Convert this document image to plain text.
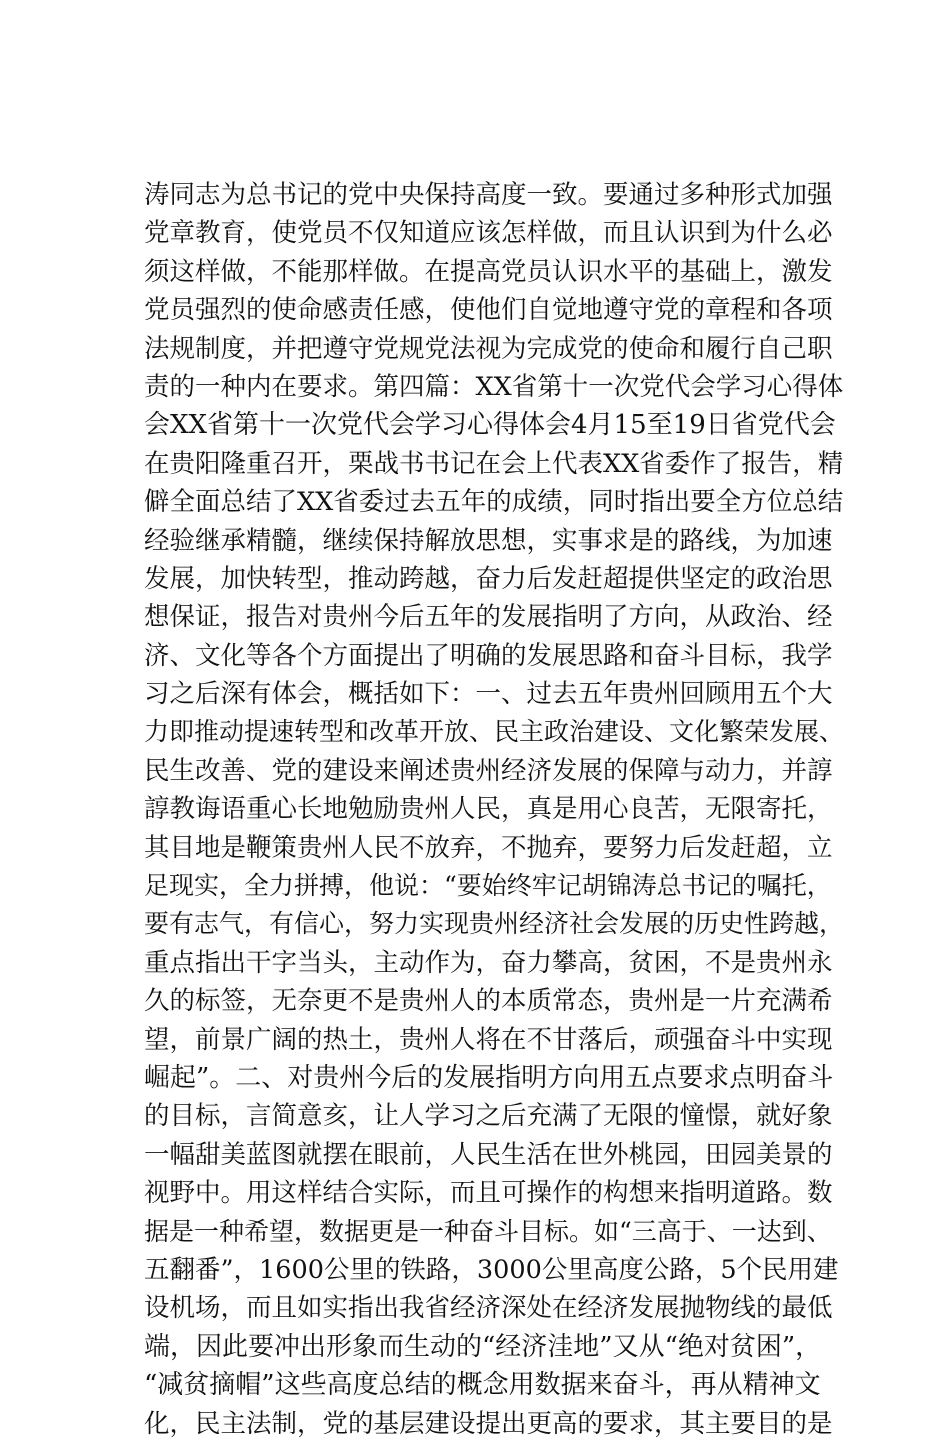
涛同志为总书记的党中央保持高度一致。要通过多种形式加强
党章教育，使党员不仅知道应该怎样做，而且认识到为什么必
须这样做，不能那样做。在提高党员认识水平的基础上，激发
党员强烈的使命感责任感，使他们自觉地遵守党的章程和各项
法规制度，并把遵守党规党法视为完成党的使命和履行自己职
责的一种内在要求。第四篇：XX省第十一次党代会学习心得体
会XX省第十一次党代会学习心得体会4月15至19日省党代会
在贵阳隆重召开，栗战书书记在会上代表XX省委作了报告，精
僻全面总结了XX省委过去五年的成绩，同时指出要全方位总结
经验继承精髓，继续保持解放思想，实事求是的路线，为加速
发展，加快转型，推动跨越，奋力后发赶超提供坚定的政治思
想保证，报告对贵州今后五年的发展指明了方向，从政治、经
济、文化等各个方面提出了明确的发展思路和奋斗目标，我学
习之后深有体会，概括如下：一、过去五年贵州回顾用五个大
力即推动提速转型和改革开放、民主政治建设、文化繁荣发展、
民生改善、党的建设来阐述贵州经济发展的保障与动力，并諄
諄教诲语重心长地勉励贵州人民，真是用心良苦，无限寄托，
其目地是鞭策贵州人民不放弃，不抛弃，要努力后发赶超，立
足现实，全力拼搏，他说：“要始终牢记胡锦涛总书记的嘱托，
要有志气，有信心，努力实现贵州经济社会发展的历史性跨越，
重点指出干字当头，主动作为，奋力攀高，贫困，不是贵州永
久的标签，无奈更不是贵州人的本质常态，贵州是一片充满希
望，前景广阔的热土，贵州人将在不甘落后，顽强奋斗中实现
崛起”。二、对贵州今后的发展指明方向用五点要求点明奋斗
的目标，言简意亥，让人学习之后充满了无限的憧憬，就好象
一幅甜美蓝图就摆在眼前，人民生活在世外桃园，田园美景的
视野中。用这样结合实际，而且可操作的构想来指明道路。数
据是一种希望，数据更是一种奋斗目标。如“三高于、一达到、
五翻番”，1600公里的铁路，3000公里高度公路，5个民用建
设机场，而且如实指出我省经济深处在经济发展抛物线的最低
端，因此要冲出形象而生动的“经济洼地”又从“绝对贫困”，
“减贫摘帽”这些高度总结的概念用数据来奋斗，再从精神文
化，民主法制，党的基层建设提出更高的要求，其主要目的是
